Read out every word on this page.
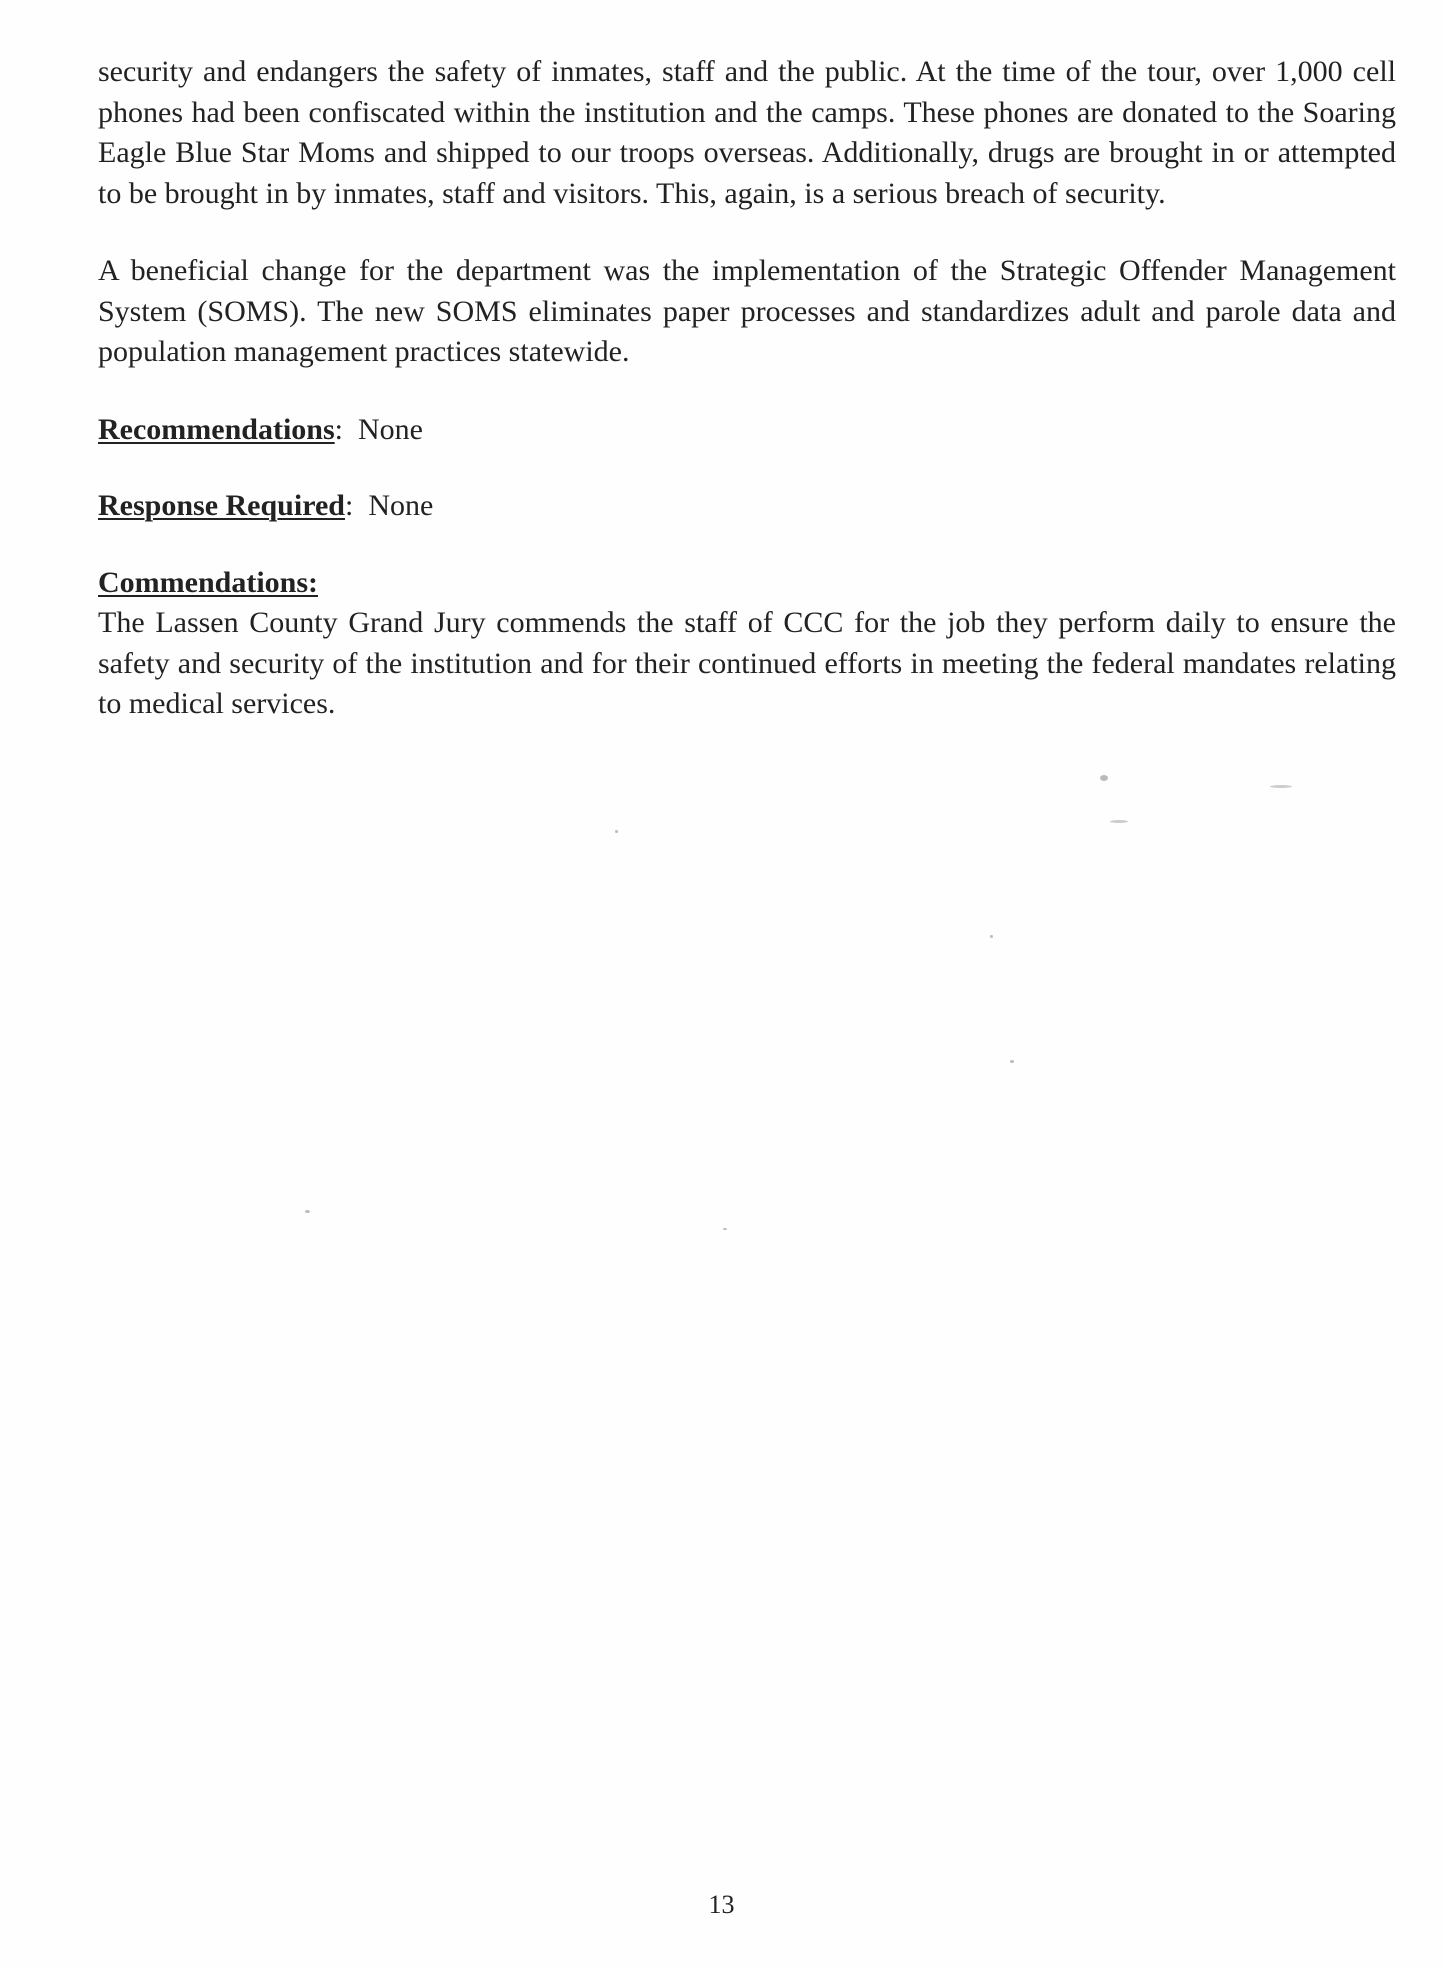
security and endangers the safety of inmates, staff and the public. At the time of the tour, over 1,000 cell phones had been confiscated within the institution and the camps. These phones are donated to the Soaring Eagle Blue Star Moms and shipped to our troops overseas. Additionally, drugs are brought in or attempted to be brought in by inmates, staff and visitors. This, again, is a serious breach of security.

A beneficial change for the department was the implementation of the Strategic Offender Management System (SOMS). The new SOMS eliminates paper processes and standardizes adult and parole data and population management practices statewide.

Recommendations:  None

Response Required:  None

Commendations:

The Lassen County Grand Jury commends the staff of CCC for the job they perform daily to ensure the safety and security of the institution and for their continued efforts in meeting the federal mandates relating to medical services.

13
